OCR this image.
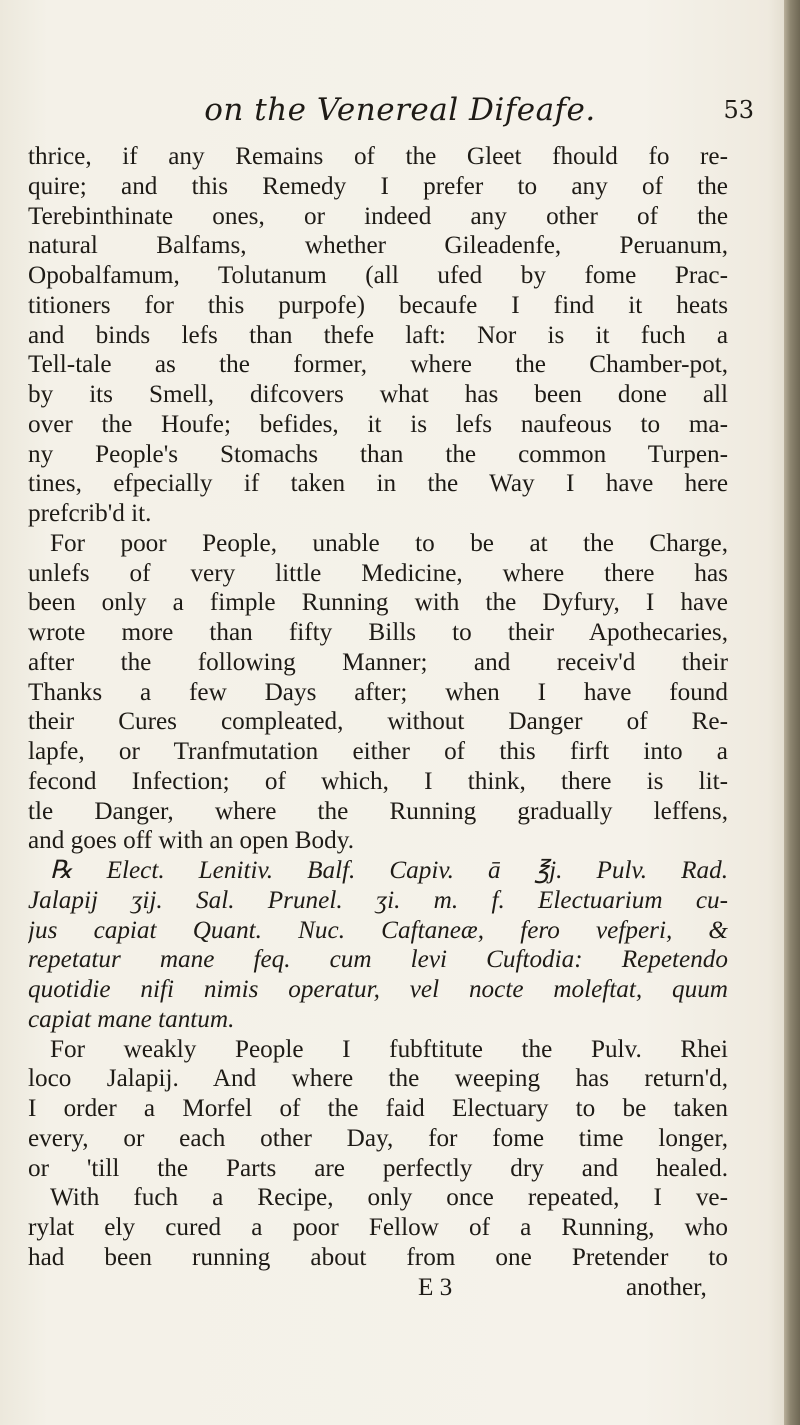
on the Venereal Difeafe.	53
thrice, if any Remains of the Gleet fhould fo re-
quire; and this Remedy I prefer to any of the
Terebinthinate ones, or indeed any other of the
natural Balfams, whether Gileadenfe, Peruanum,
Opobalfamum, Tolutanum (all ufed by fome Prac-
titioners for this purpofe) becaufe I find it heats
and binds lefs than thefe laft: Nor is it fuch a
Tell-tale as the former, where the Chamber-pot,
by its Smell, difcovers what has been done all
over the Houfe; befides, it is lefs naufeous to ma-
ny People's Stomachs than the common Turpen-
tines, efpecially if taken in the Way I have here
prefcrib'd it.
For poor People, unable to be at the Charge,
unlefs of very little Medicine, where there has
been only a fimple Running with the Dyfury, I have
wrote more than fifty Bills to their Apothecaries,
after the following Manner; and receiv'd their
Thanks a few Days after; when I have found
their Cures compleated, without Danger of Re-
lapfe, or Tranfmutation either of this firft into a
fecond Infection; of which, I think, there is lit-
tle Danger, where the Running gradually leffens,
and goes off with an open Body.
℞ Elect. Lenitiv. Balf. Capiv. ā ℥j. Pulv. Rad.
Jalapij ʒij. Sal. Prunel. ʒi. m. f. Electuarium cu-
jus capiat Quant. Nuc. Caftaneæ, fero vefperi, &
repetatur mane feq. cum levi Cuftodia: Repetendo
quotidie nifi nimis operatur, vel nocte moleftat, quum
capiat mane tantum.
For weakly People I fubftitute the Pulv. Rhei
loco Jalapij. And where the weeping has return'd,
I order a Morfel of the faid Electuary to be taken
every, or each other Day, for fome time longer,
or 'till the Parts are perfectly dry and healed.
With fuch a Recipe, only once repeated, I ve-
rylat ely cured a poor Fellow of a Running, who
had been running about from one Pretender to
E 3	another,
